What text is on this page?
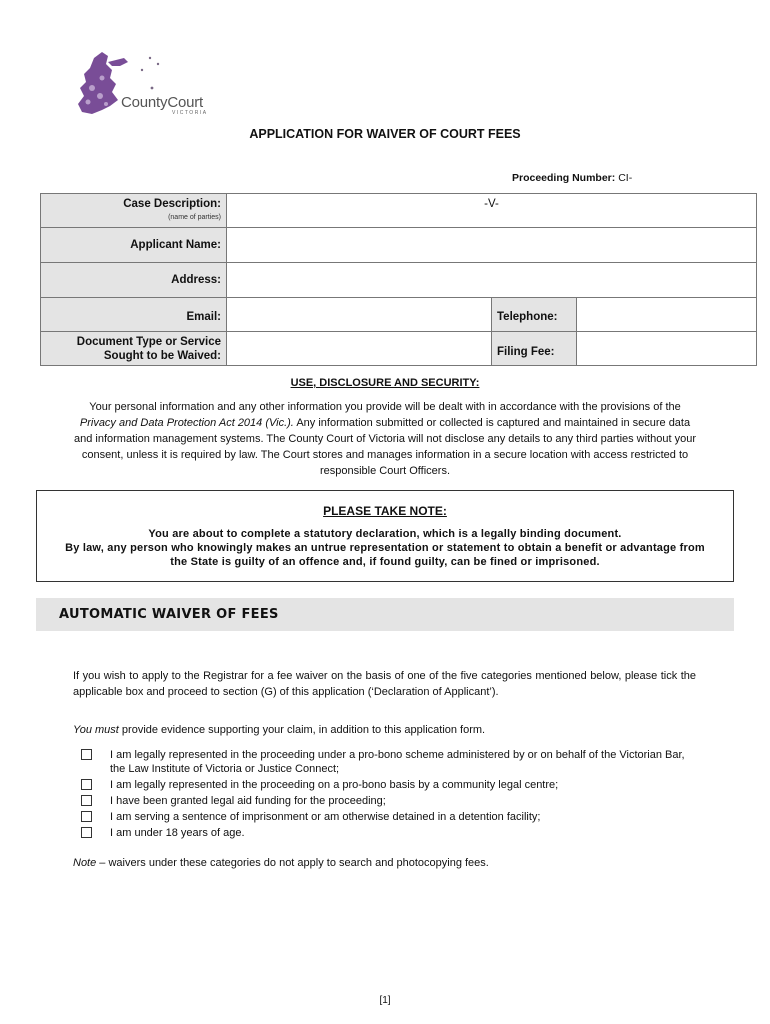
CountyCourt
VICTORIA
APPLICATION FOR WAIVER OF COURT FEES
Proceeding Number: CI-
Case Description:
(name of parties)	-V-		
Applicant Name:			
Address:			
Email:		Telephone:	
Document Type or Service
Sought to be Waived:		Filing Fee:	
USE, DISCLOSURE AND SECURITY:
Your personal information and any other information you provide will be dealt with in accordance with the provisions of the Privacy and Data Protection Act 2014 (Vic.). Any information submitted or collected is captured and maintained in secure data and information management systems. The County Court of Victoria will not disclose any details to any third parties without your consent, unless it is required by law. The Court stores and manages information in a secure location with access restricted to responsible Court Officers.
PLEASE TAKE NOTE:
You are about to complete a statutory declaration, which is a legally binding document.
By law, any person who knowingly makes an untrue representation or statement to obtain a benefit or advantage from the State is guilty of an offence and, if found guilty, can be fined or imprisoned.
AUTOMATIC WAIVER OF FEES
If you wish to apply to the Registrar for a fee waiver on the basis of one of the five categories mentioned below, please tick the applicable box and proceed to section (G) of this application (‘Declaration of Applicant’).
You must provide evidence supporting your claim, in addition to this application form.
I am legally represented in the proceeding under a pro-bono scheme administered by or on behalf of the Victorian Bar, the Law Institute of Victoria or Justice Connect;
I am legally represented in the proceeding on a pro-bono basis by a community legal centre;
I have been granted legal aid funding for the proceeding;
I am serving a sentence of imprisonment or am otherwise detained in a detention facility;
I am under 18 years of age.
Note – waivers under these categories do not apply to search and photocopying fees.
[1]
